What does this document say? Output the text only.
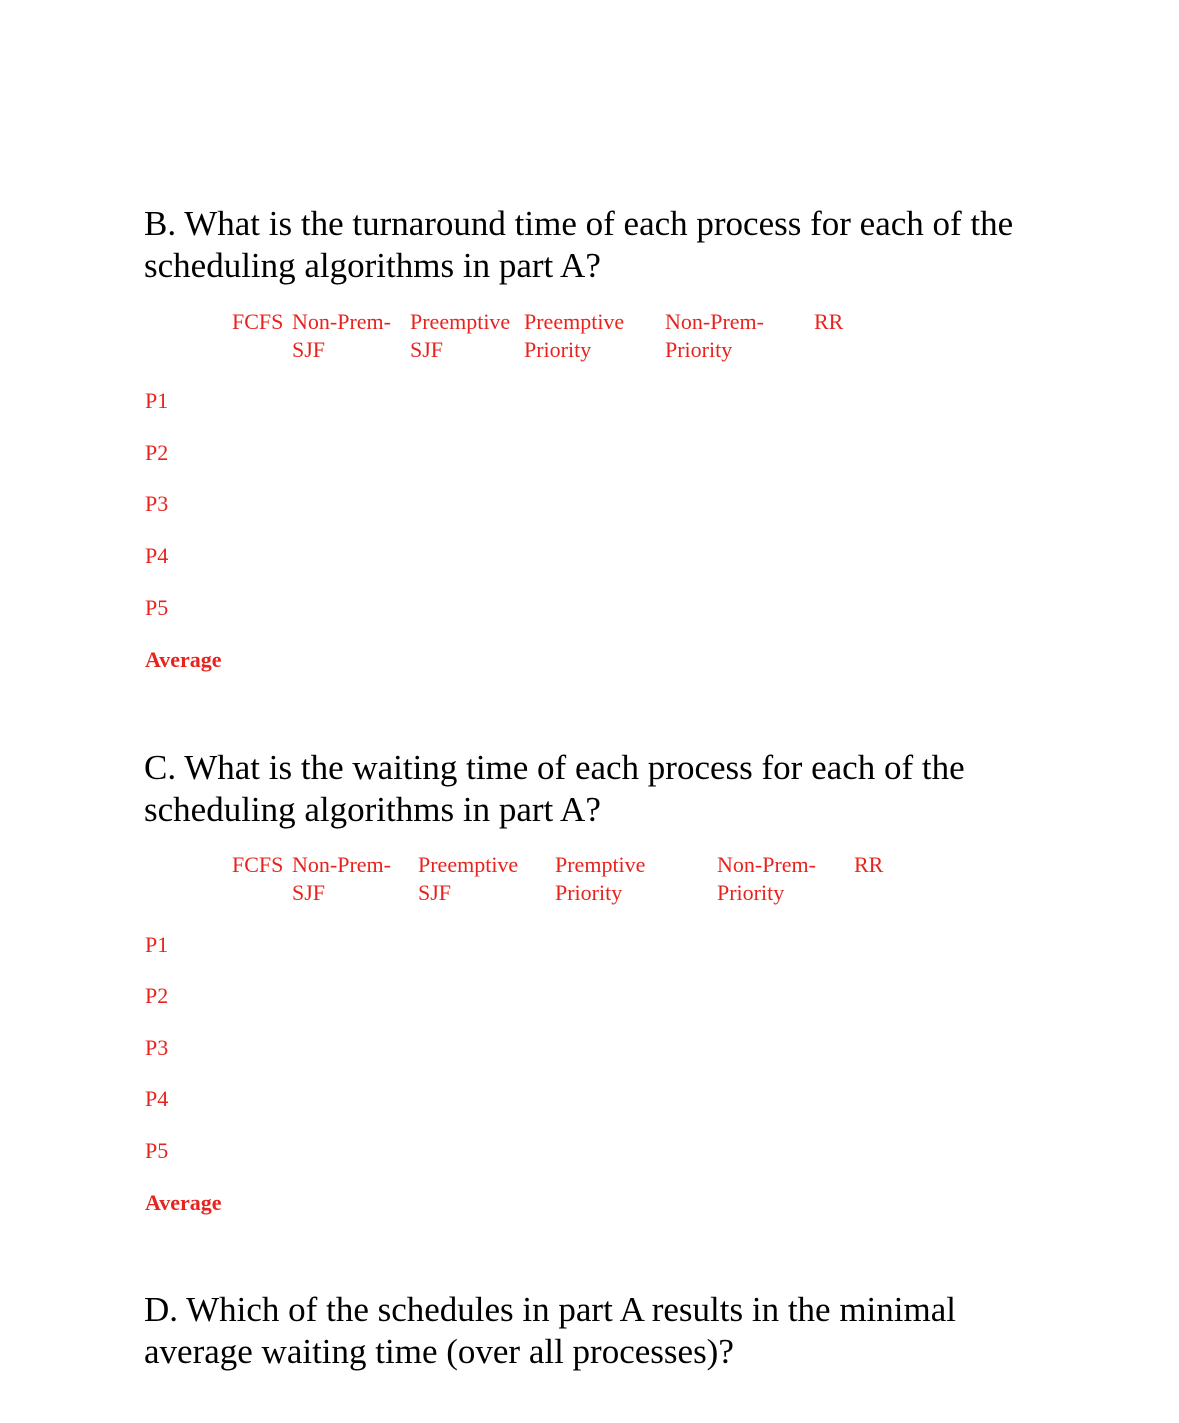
B. What is the turnaround time of each process for each of the
scheduling algorithms in part A?
FCFS Non-Prem-
SJF
Preemptive
SJF
Preemptive
Priority
Non-Prem-
Priority
RR
P1
P2
P3
P4
P5
Average
C. What is the waiting time of each process for each of the
scheduling algorithms in part A?
FCFS Non-Prem-
SJF
Preemptive
SJF
Premptive
Priority
Non-Prem-
Priority
RR
P1
P2
P3
P4
P5
Average
D. Which of the schedules in part A results in the minimal
average waiting time (over all processes)?
